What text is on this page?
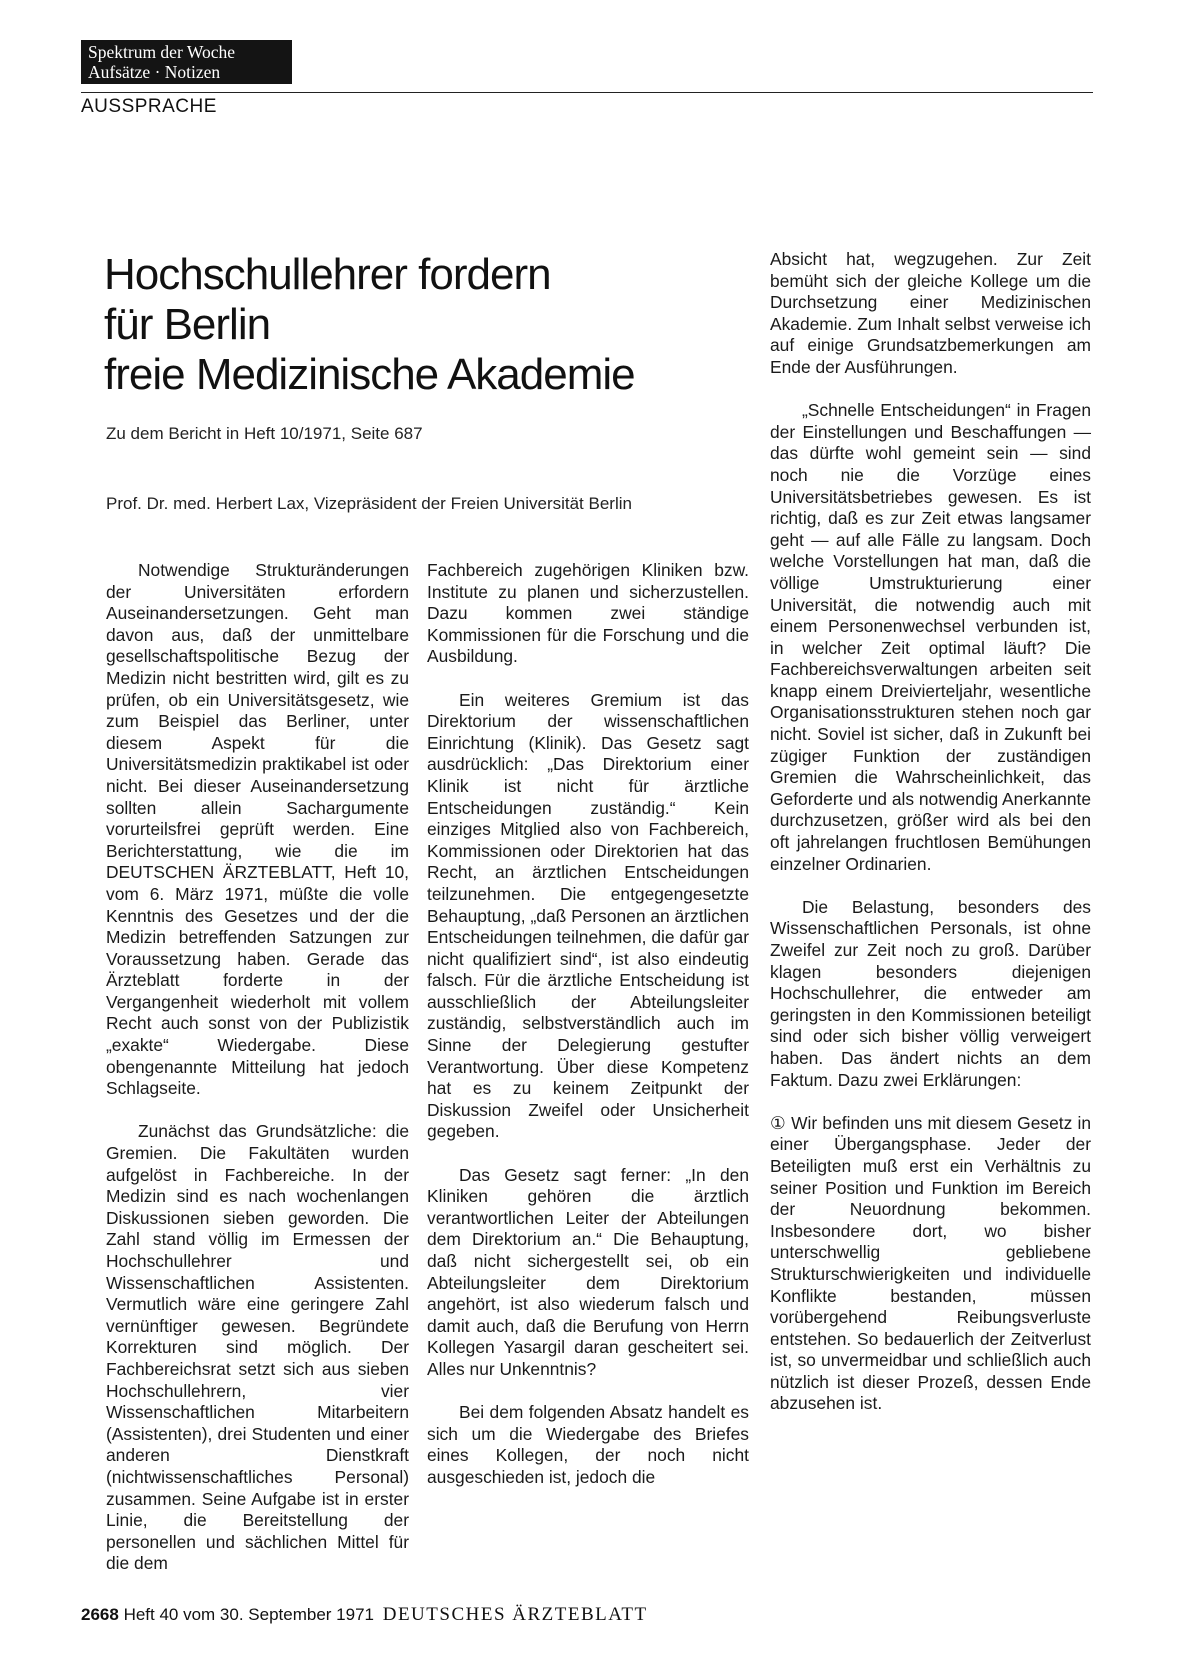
Spektrum der Woche
Aufsätze · Notizen
AUSSPRACHE
Hochschullehrer fordern
für Berlin
freie Medizinische Akademie
Zu dem Bericht in Heft 10/1971, Seite 687
Prof. Dr. med. Herbert Lax, Vizepräsident der Freien Universität Berlin

Notwendige Strukturänderungen der Universitäten erfordern Auseinandersetzungen. Geht man davon aus, daß der unmittelbare gesellschaftspolitische Bezug der Medizin nicht bestritten wird, gilt es zu prüfen, ob ein Universitätsgesetz, wie zum Beispiel das Berliner, unter diesem Aspekt für die Universitätsmedizin praktikabel ist oder nicht. Bei dieser Auseinandersetzung sollten allein Sachargumente vorurteilsfrei geprüft werden. Eine Berichterstattung, wie die im DEUTSCHEN ÄRZTEBLATT, Heft 10, vom 6. März 1971, müßte die volle Kenntnis des Gesetzes und der die Medizin betreffenden Satzungen zur Voraussetzung haben. Gerade das Ärzteblatt forderte in der Vergangenheit wiederholt mit vollem Recht auch sonst von der Publizistik „exakte“ Wiedergabe. Diese obengenannte Mitteilung hat jedoch Schlagseite.

Zunächst das Grundsätzliche: die Gremien. Die Fakultäten wurden aufgelöst in Fachbereiche. In der Medizin sind es nach wochenlangen Diskussionen sieben geworden. Die Zahl stand völlig im Ermessen der Hochschullehrer und Wissenschaftlichen Assistenten. Vermutlich wäre eine geringere Zahl vernünftiger gewesen. Begründete Korrekturen sind möglich. Der Fachbereichsrat setzt sich aus sieben Hochschullehrern, vier Wissenschaftlichen Mitarbeitern (Assistenten), drei Studenten und einer anderen Dienstkraft (nichtwissenschaftliches Personal) zusammen. Seine Aufgabe ist in erster Linie, die Bereitstellung der personellen und sächlichen Mittel für die dem

Fachbereich zugehörigen Kliniken bzw. Institute zu planen und sicherzustellen. Dazu kommen zwei ständige Kommissionen für die Forschung und die Ausbildung.

Ein weiteres Gremium ist das Direktorium der wissenschaftlichen Einrichtung (Klinik). Das Gesetz sagt ausdrücklich: „Das Direktorium einer Klinik ist nicht für ärztliche Entscheidungen zuständig.“ Kein einziges Mitglied also von Fachbereich, Kommissionen oder Direktorien hat das Recht, an ärztlichen Entscheidungen teilzunehmen. Die entgegengesetzte Behauptung, „daß Personen an ärztlichen Entscheidungen teilnehmen, die dafür gar nicht qualifiziert sind“, ist also eindeutig falsch. Für die ärztliche Entscheidung ist ausschließlich der Abteilungsleiter zuständig, selbstverständlich auch im Sinne der Delegierung gestufter Verantwortung. Über diese Kompetenz hat es zu keinem Zeitpunkt der Diskussion Zweifel oder Unsicherheit gegeben.

Das Gesetz sagt ferner: „In den Kliniken gehören die ärztlich verantwortlichen Leiter der Abteilungen dem Direktorium an.“ Die Behauptung, daß nicht sichergestellt sei, ob ein Abteilungsleiter dem Direktorium angehört, ist also wiederum falsch und damit auch, daß die Berufung von Herrn Kollegen Yasargil daran gescheitert sei. Alles nur Unkenntnis?

Bei dem folgenden Absatz handelt es sich um die Wiedergabe des Briefes eines Kollegen, der noch nicht ausgeschieden ist, jedoch die

Absicht hat, wegzugehen. Zur Zeit bemüht sich der gleiche Kollege um die Durchsetzung einer Medizinischen Akademie. Zum Inhalt selbst verweise ich auf einige Grundsatzbemerkungen am Ende der Ausführungen.

„Schnelle Entscheidungen“ in Fragen der Einstellungen und Beschaffungen — das dürfte wohl gemeint sein — sind noch nie die Vorzüge eines Universitätsbetriebes gewesen. Es ist richtig, daß es zur Zeit etwas langsamer geht — auf alle Fälle zu langsam. Doch welche Vorstellungen hat man, daß die völlige Umstrukturierung einer Universität, die notwendig auch mit einem Personenwechsel verbunden ist, in welcher Zeit optimal läuft? Die Fachbereichsverwaltungen arbeiten seit knapp einem Dreivierteljahr, wesentliche Organisationsstrukturen stehen noch gar nicht. Soviel ist sicher, daß in Zukunft bei zügiger Funktion der zuständigen Gremien die Wahrscheinlichkeit, das Geforderte und als notwendig Anerkannte durchzusetzen, größer wird als bei den oft jahrelangen fruchtlosen Bemühungen einzelner Ordinarien.

Die Belastung, besonders des Wissenschaftlichen Personals, ist ohne Zweifel zur Zeit noch zu groß. Darüber klagen besonders diejenigen Hochschullehrer, die entweder am geringsten in den Kommissionen beteiligt sind oder sich bisher völlig verweigert haben. Das ändert nichts an dem Faktum. Dazu zwei Erklärungen:

① Wir befinden uns mit diesem Gesetz in einer Übergangsphase. Jeder der Beteiligten muß erst ein Verhältnis zu seiner Position und Funktion im Bereich der Neuordnung bekommen. Insbesondere dort, wo bisher unterschwellig gebliebene Strukturschwierigkeiten und individuelle Konflikte bestanden, müssen vorübergehend Reibungsverluste entstehen. So bedauerlich der Zeitverlust ist, so unvermeidbar und schließlich auch nützlich ist dieser Prozeß, dessen Ende abzusehen ist.

2668 Heft 40 vom 30. September 1971 DEUTSCHES ÄRZTEBLATT
